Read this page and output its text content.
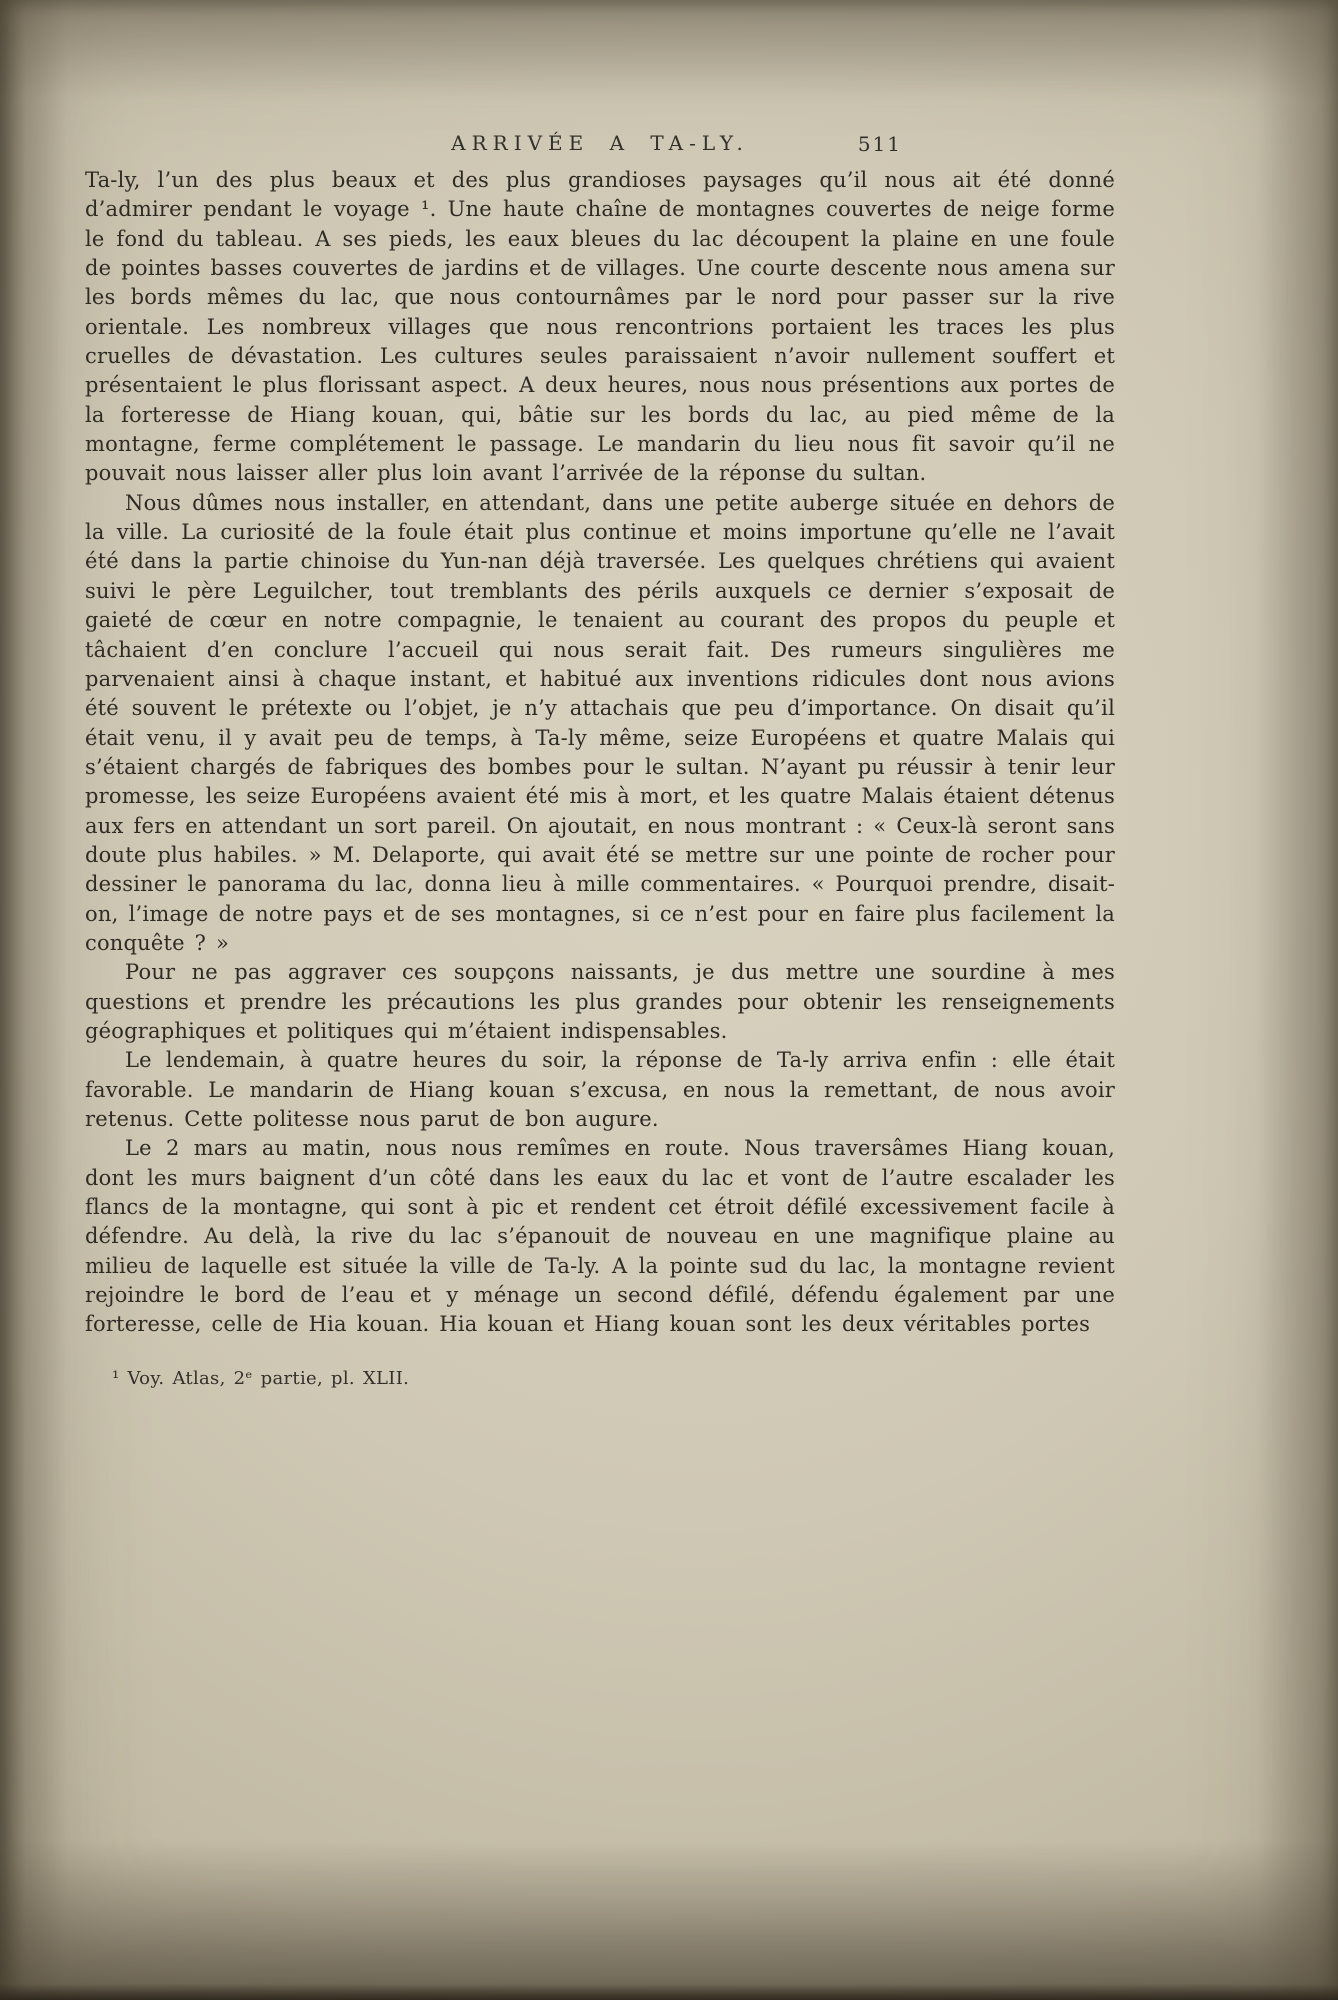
ARRIVÉE A TA-LY.	511

Ta-ly, l’un des plus beaux et des plus grandioses paysages qu’il nous ait été donné d’admirer pendant le voyage ¹. Une haute chaîne de montagnes couvertes de neige forme le fond du tableau. A ses pieds, les eaux bleues du lac découpent la plaine en une foule de pointes basses couvertes de jardins et de villages. Une courte descente nous amena sur les bords mêmes du lac, que nous contournâmes par le nord pour passer sur la rive orientale. Les nombreux villages que nous rencontrions portaient les traces les plus cruelles de dévastation. Les cultures seules paraissaient n’avoir nullement souffert et présentaient le plus florissant aspect. A deux heures, nous nous présentions aux portes de la forteresse de Hiang kouan, qui, bâtie sur les bords du lac, au pied même de la montagne, ferme complétement le passage. Le mandarin du lieu nous fit savoir qu’il ne pouvait nous laisser aller plus loin avant l’arrivée de la réponse du sultan.

Nous dûmes nous installer, en attendant, dans une petite auberge située en dehors de la ville. La curiosité de la foule était plus continue et moins importune qu’elle ne l’avait été dans la partie chinoise du Yun-nan déjà traversée. Les quelques chrétiens qui avaient suivi le père Leguilcher, tout tremblants des périls auxquels ce dernier s’exposait de gaieté de cœur en notre compagnie, le tenaient au courant des propos du peuple et tâchaient d’en conclure l’accueil qui nous serait fait. Des rumeurs singulières me parvenaient ainsi à chaque instant, et habitué aux inventions ridicules dont nous avions été souvent le prétexte ou l’objet, je n’y attachais que peu d’importance. On disait qu’il était venu, il y avait peu de temps, à Ta-ly même, seize Européens et quatre Malais qui s’étaient chargés de fabriques des bombes pour le sultan. N’ayant pu réussir à tenir leur promesse, les seize Européens avaient été mis à mort, et les quatre Malais étaient détenus aux fers en attendant un sort pareil. On ajoutait, en nous montrant : « Ceux-là seront sans doute plus habiles. » M. Delaporte, qui avait été se mettre sur une pointe de rocher pour dessiner le panorama du lac, donna lieu à mille commentaires. « Pourquoi prendre, disait-on, l’image de notre pays et de ses montagnes, si ce n’est pour en faire plus facilement la conquête ? »

Pour ne pas aggraver ces soupçons naissants, je dus mettre une sourdine à mes questions et prendre les précautions les plus grandes pour obtenir les renseignements géographiques et politiques qui m’étaient indispensables.

Le lendemain, à quatre heures du soir, la réponse de Ta-ly arriva enfin : elle était favorable. Le mandarin de Hiang kouan s’excusa, en nous la remettant, de nous avoir retenus. Cette politesse nous parut de bon augure.

Le 2 mars au matin, nous nous remîmes en route. Nous traversâmes Hiang kouan, dont les murs baignent d’un côté dans les eaux du lac et vont de l’autre escalader les flancs de la montagne, qui sont à pic et rendent cet étroit défilé excessivement facile à défendre. Au delà, la rive du lac s’épanouit de nouveau en une magnifique plaine au milieu de laquelle est située la ville de Ta-ly. A la pointe sud du lac, la montagne revient rejoindre le bord de l’eau et y ménage un second défilé, défendu également par une forteresse, celle de Hia kouan. Hia kouan et Hiang kouan sont les deux véritables portes

¹ Voy. Atlas, 2ᵉ partie, pl. XLII.
